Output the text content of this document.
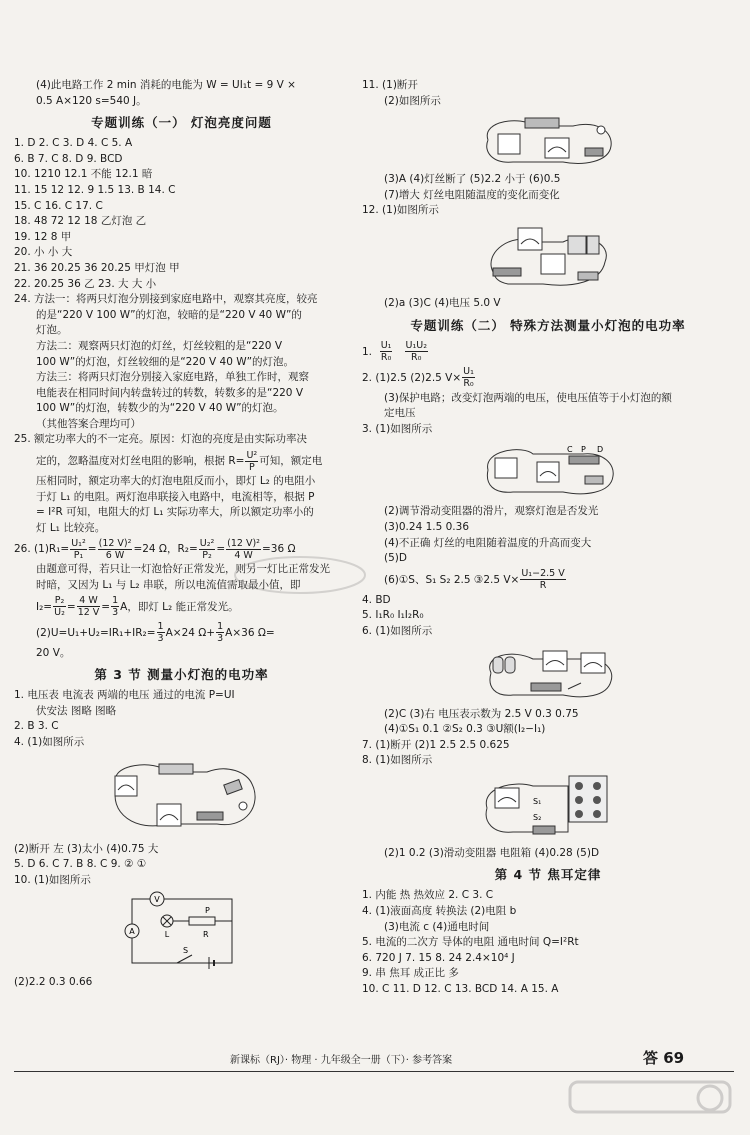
(4)此电路工作 2 min 消耗的电能为 W = UI₁t = 9 V ×
0.5 A×120 s=540 J。
专题训练（一） 灯泡亮度问题
1. D 2. C 3. D 4. C 5. A
6. B 7. C 8. D 9. BCD
10. 1210 12.1 不能 12.1 暗
11. 15 12 12. 9 1.5 13. B 14. C
15. C 16. C 17. C
18. 48 72 12 18 乙灯泡 乙
19. 12 8 甲
20. 小 小 大
21. 36 20.25 36 20.25 甲灯泡 甲
22. 20.25 36 乙 23. 大 大 小
24. 方法一：将两只灯泡分别接到家庭电路中，观察其亮度，较亮
的是“220 V 100 W”的灯泡，较暗的是“220 V 40 W”的
灯泡。
方法二：观察两只灯泡的灯丝，灯丝较粗的是“220 V
100 W”的灯泡，灯丝较细的是“220 V 40 W”的灯泡。
方法三：将两只灯泡分别接入家庭电路，单独工作时，观察
电能表在相同时间内转盘转过的转数，转数多的是“220 V
100 W”的灯泡，转数少的为“220 V 40 W”的灯泡。
（其他答案合理均可）
25. 额定功率大的不一定亮。原因：灯泡的亮度是由实际功率决
定的，忽略温度对灯丝电阻的影响，根据 $R= \frac{\text{U²}}{P}$ 可知，额定电
压相同时，额定功率大的灯泡电阻反而小，即灯 L₂ 的电阻小
于灯 L₁ 的电阻。两灯泡串联接入电路中，电流相等，根据 P
= I²R 可知，电阻大的灯 L₁ 实际功率大，所以额定功率小的
灯 L₁ 比较亮。
26. $(1)R_1= \frac{\text{U₁²}}{\text{P₁}} = \frac{\text{(12 V)²}}{6 W} =24$ Ω，$R_2= \frac{\text{U₂²}}{\text{P₂}} = \frac{\text{(12 V)²}}{4 W} =36$ Ω
由题意可得，若只让一灯泡恰好正常发光，则另一灯比正常发光
时暗，又因为 L₁ 与 L₂ 串联，所以电流值需取最小值，即
$I_2= \frac{\text{P₂}}{\text{U₂}} = \frac{4 W}{12 V} = \frac{1}{3}$ A，即灯 L₂ 能正常发光。
$(2)U=U_1+U_2=IR_1+IR_2= \frac{1}{3} A\times 24$ $\Omega+ \frac{1}{3} A\times 36$ Ω=
20 V。
第 3 节 测量小灯泡的电功率
1. 电压表 电流表 两端的电压 通过的电流 P=UI
伏安法 图略 图略
2. B 3. C
4. (1)如图所示
(2)断开 左 (3)太小 (4)0.75 大
5. D 6. C 7. B 8. C 9. ② ①
10. (1)如图所示
V
A	L
P
R
S
(2)2.2 0.3 0.66
11. (1)断开
(2)如图所示
(3)A (4)灯丝断了 (5)2.2 小于 (6)0.5
(7)增大 灯丝电阻随温度的变化而变化
12. (1)如图所示
(2)a (3)C (4)电压 5.0 V
专题训练（二） 特殊方法测量小灯泡的电功率
1. $\frac{\text{U₁}}{\text{R₀}}$
$\frac{\text{U₁U₂}}{\text{R₀}}$
2. (1)2.5 (2)2.5 $V\times \frac{\text{U₁}}{\text{R₀}}$
(3)保护电路；改变灯泡两端的电压，使电压值等于小灯泡的额
定电压
3. (1)如图所示
C P D
(2)调节滑动变阻器的滑片，观察灯泡是否发光
(3)0.24 1.5 0.36
(4)不正确 灯丝的电阻随着温度的升高而变大
(5)D
(6)①S、S₁ S₂ 2.5 ③2.5 $V\times \frac{\text{U₁−2.5 V}}{R}$
4. BD
5. I₁R₀ I₁I₂R₀
6. (1)如图所示
(2)C (3)右 电压表示数为 2.5 V 0.3 0.75
(4)①S₁ 0.1 ②S₂ 0.3 ③U额(I₂−I₁)
7. (1)断开 (2)1 2.5 2.5 0.625
8. (1)如图所示
S₁
S₂
(2)1 0.2 (3)滑动变阻器 电阻箱 (4)0.28 (5)D
第 4 节 焦耳定律
1. 内能 热 热效应 2. C 3. C
4. (1)液面高度 转换法 (2)电阻 b
(3)电流 c (4)通电时间
5. 电流的二次方 导体的电阻 通电时间 Q=I²Rt
6. 720 J 7. 15 8. 24 2.4×10⁴ J
9. 串 焦耳 成正比 多
10. C 11. D 12. C 13. BCD 14. A 15. A
新课标（RJ）· 物理 · 九年级全一册（下）· 参考答案	答 69
